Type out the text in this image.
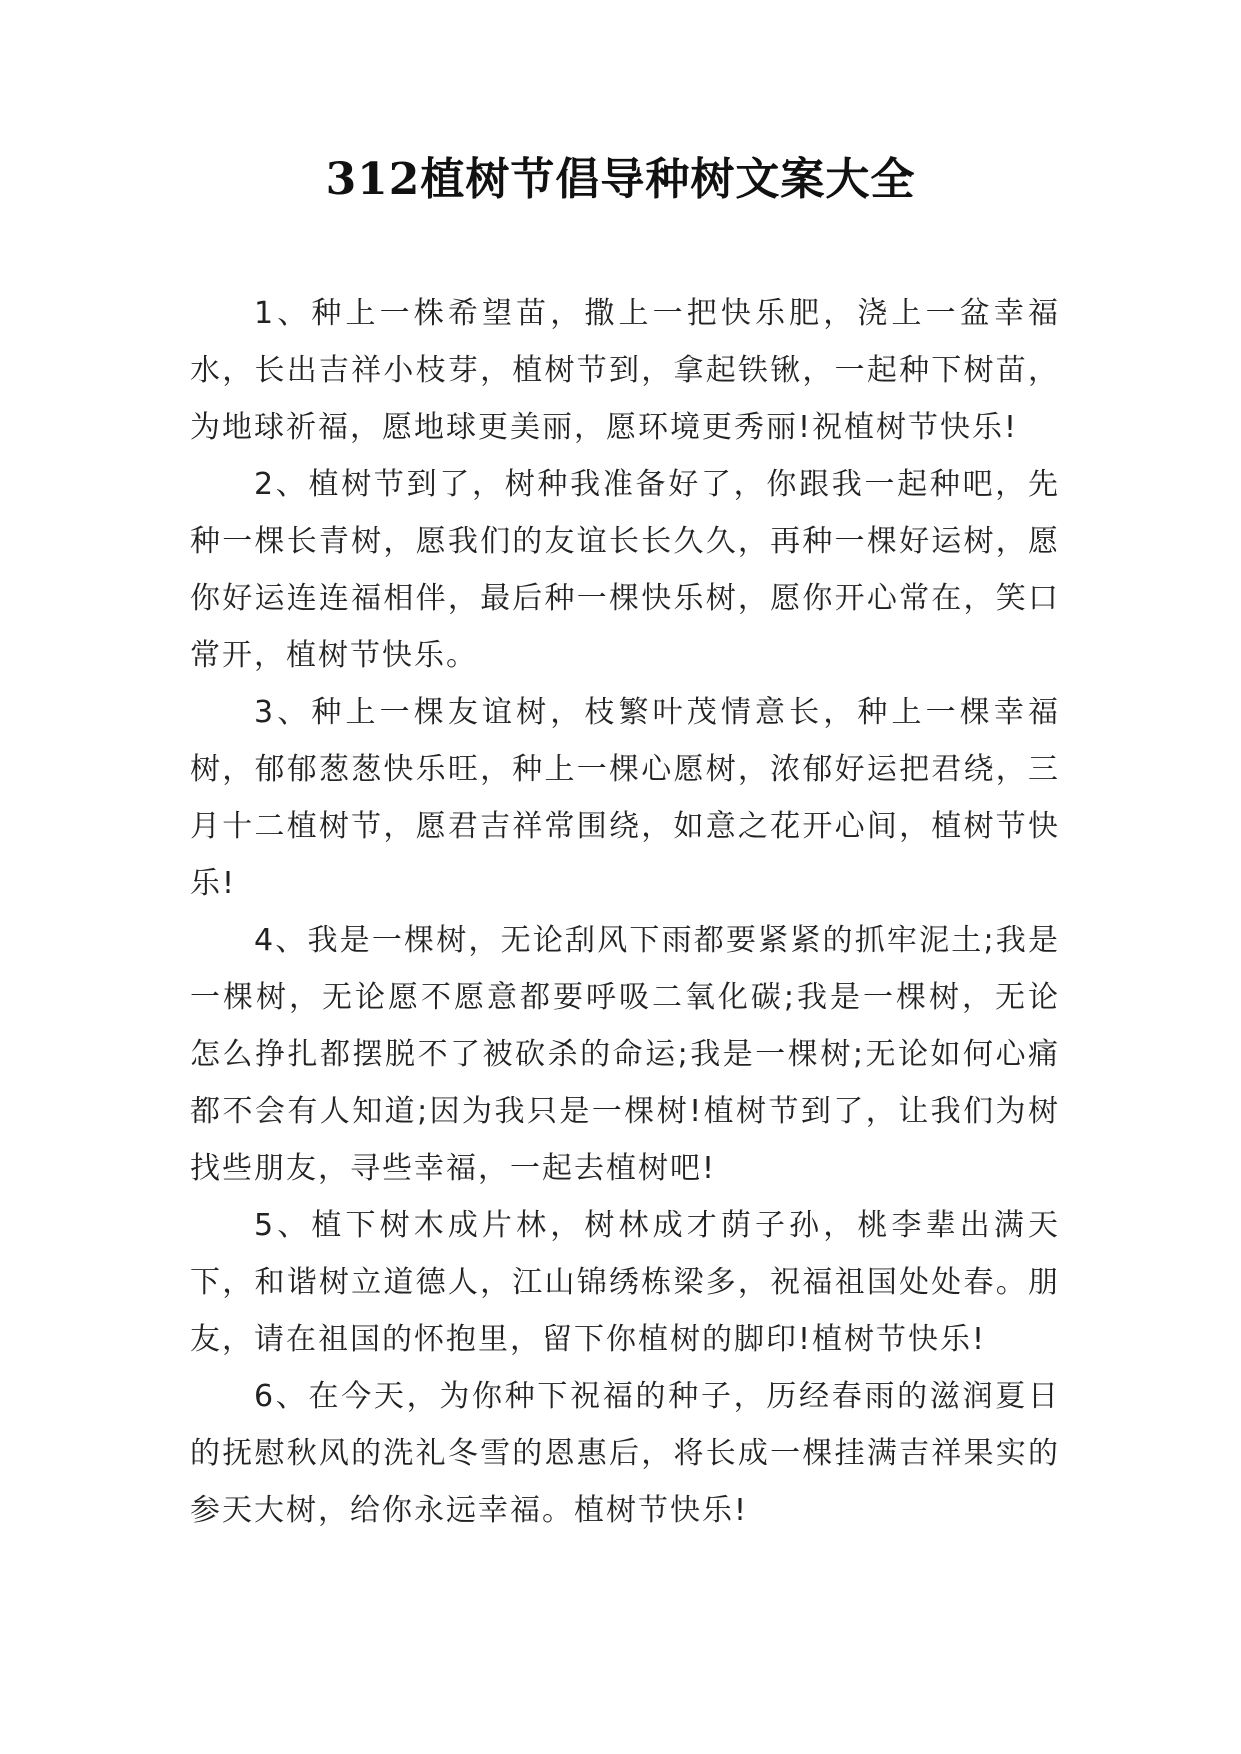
312植树节倡导种树文案大全

1、种上一株希望苗，撒上一把快乐肥，浇上一盆幸福水，长出吉祥小枝芽，植树节到，拿起铁锹，一起种下树苗，为地球祈福，愿地球更美丽，愿环境更秀丽!祝植树节快乐!

2、植树节到了，树种我准备好了，你跟我一起种吧，先种一棵长青树，愿我们的友谊长长久久，再种一棵好运树，愿你好运连连福相伴，最后种一棵快乐树，愿你开心常在，笑口常开，植树节快乐。

3、种上一棵友谊树，枝繁叶茂情意长，种上一棵幸福树，郁郁葱葱快乐旺，种上一棵心愿树，浓郁好运把君绕，三月十二植树节，愿君吉祥常围绕，如意之花开心间，植树节快乐!

4、我是一棵树，无论刮风下雨都要紧紧的抓牢泥土;我是一棵树，无论愿不愿意都要呼吸二氧化碳;我是一棵树，无论怎么挣扎都摆脱不了被砍杀的命运;我是一棵树;无论如何心痛都不会有人知道;因为我只是一棵树!植树节到了，让我们为树找些朋友，寻些幸福，一起去植树吧!

5、植下树木成片林，树林成才荫子孙，桃李辈出满天下，和谐树立道德人，江山锦绣栋梁多，祝福祖国处处春。朋友，请在祖国的怀抱里，留下你植树的脚印!植树节快乐!

6、在今天，为你种下祝福的种子，历经春雨的滋润夏日的抚慰秋风的洗礼冬雪的恩惠后，将长成一棵挂满吉祥果实的参天大树，给你永远幸福。植树节快乐!
